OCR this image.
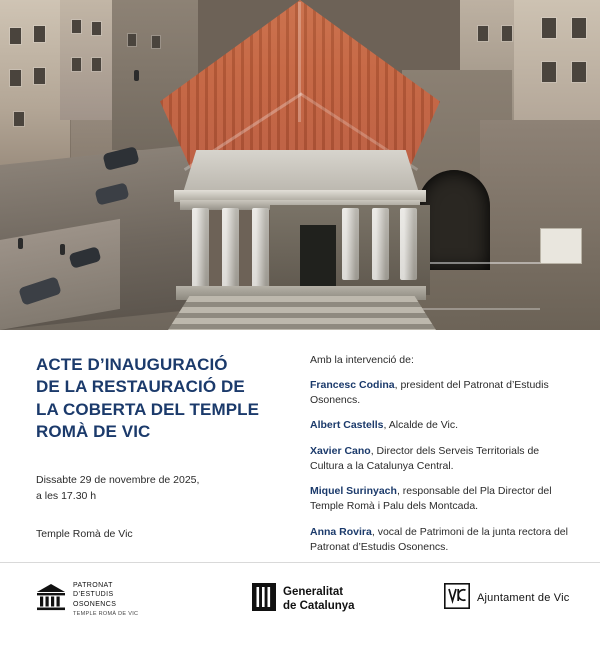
ACTE D’INAUGURACIÓ
DE LA RESTAURACIÓ DE
LA COBERTA DEL TEMPLE
ROMÀ DE VIC
Dissabte 29 de novembre de 2025,
a les 17.30 h
Temple Romà de Vic
Amb la intervenció de:
Francesc Codina, president del Patronat d’Estudis Osonencs.
Albert Castells, Alcalde de Vic.
Xavier Cano, Director dels Serveis Territorials de Cultura a la Catalunya Central.
Miquel Surinyach, responsable del Pla Director del Temple Romà i Palu dels Montcada.
Anna Rovira, vocal de Patrimoni de la junta rectora del Patronat d’Estudis Osonencs.
PATRONAT
D’ESTUDIS
OSONENCS
TEMPLE ROMÀ DE VIC
Generalitat
de Catalunya
Ajuntament de Vic
